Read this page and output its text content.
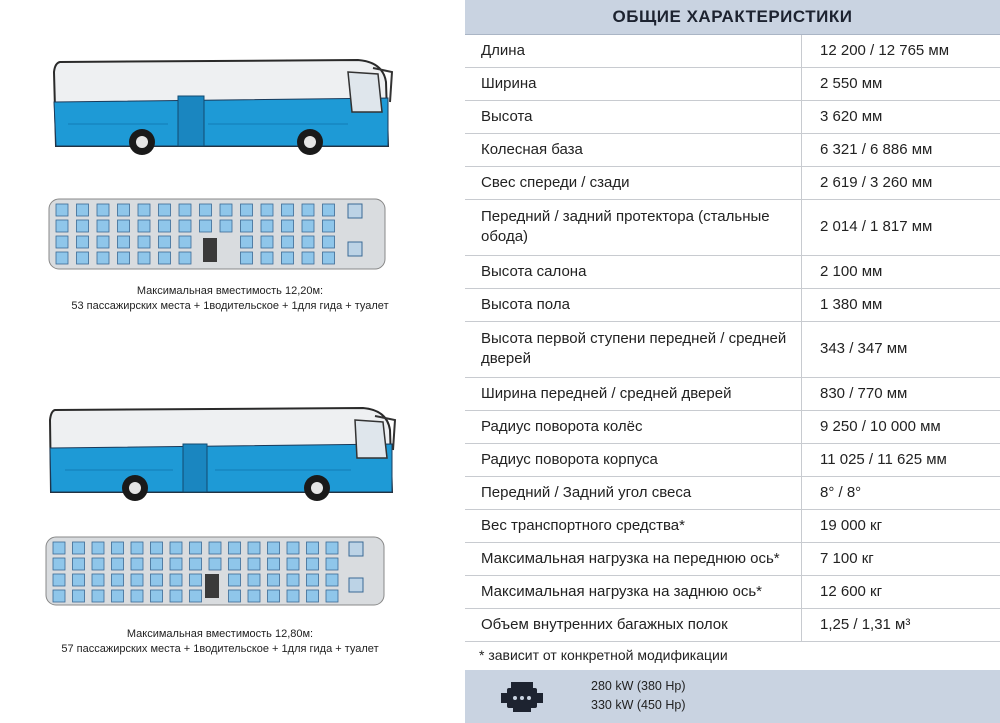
Максимальная вместимость 12,20м:
53 пассажирских места + 1водительское + 1для гида + туалет
Максимальная вместимость 12,80м:
57 пассажирских места + 1водительское + 1для гида + туалет
ОБЩИЕ ХАРАКТЕРИСТИКИ
Длина	12 200 / 12 765 мм
Ширина	2 550 мм
Высота	3 620 мм
Колесная база	6 321 / 6 886 мм
Свес спереди / сзади	2 619 / 3 260 мм
Передний / задний протектора (стальные обода)	2 014 / 1 817 мм
Высота салона	2 100 мм
Высота пола	1 380 мм
Высота первой ступени передней / средней дверей	343 / 347 мм
Ширина передней / средней дверей	830 / 770 мм
Радиус поворота колёс	9 250 / 10 000 мм
Радиус поворота корпуса	11 025 / 11 625 мм
Передний / Задний угол свеса	8° / 8°
Вес транспортного средства*	19 000 кг
Максимальная нагрузка на переднюю ось*	7 100 кг
Максимальная нагрузка на заднюю ось*	12 600 кг
Объем внутренних багажных полок	1,25 / 1,31 м³
* зависит от конкретной модификации
280 kW (380 Hp)
330 kW (450 Hp)
